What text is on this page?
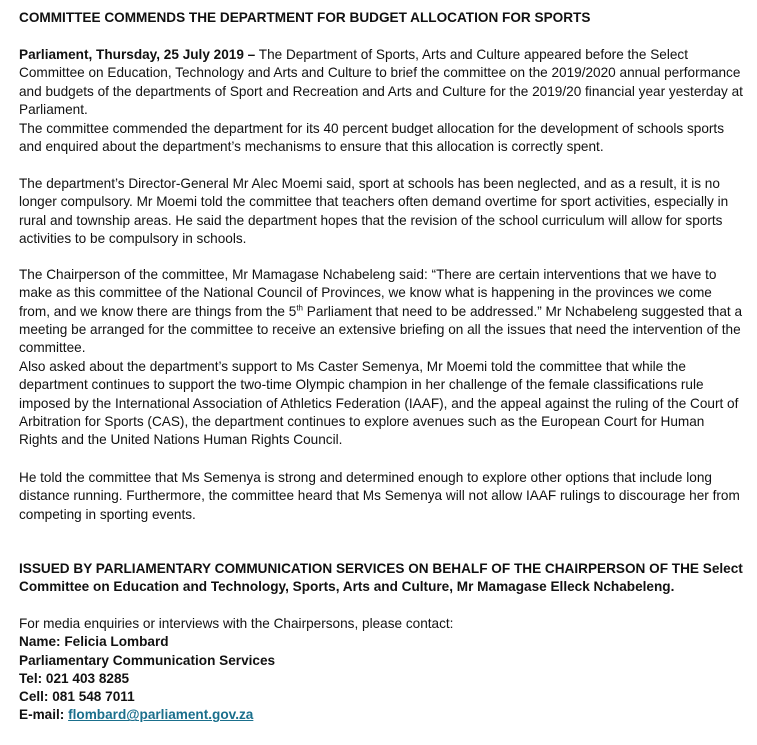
COMMITTEE COMMENDS THE DEPARTMENT FOR BUDGET ALLOCATION FOR SPORTS

Parliament, Thursday, 25 July 2019 – The Department of Sports, Arts and Culture appeared before the Select Committee on Education, Technology and Arts and Culture to brief the committee on the 2019/2020 annual performance and budgets of the departments of Sport and Recreation and Arts and Culture for the 2019/20 financial year yesterday at Parliament.

The committee commended the department for its 40 percent budget allocation for the development of schools sports and enquired about the department’s mechanisms to ensure that this allocation is correctly spent.

The department’s Director-General Mr Alec Moemi said, sport at schools has been neglected, and as a result, it is no longer compulsory. Mr Moemi told the committee that teachers often demand overtime for sport activities, especially in rural and township areas. He said the department hopes that the revision of the school curriculum will allow for sports activities to be compulsory in schools.

The Chairperson of the committee, Mr Mamagase Nchabeleng said: “There are certain interventions that we have to make as this committee of the National Council of Provinces, we know what is happening in the provinces we come from, and we know there are things from the 5th Parliament that need to be addressed.” Mr Nchabeleng suggested that a meeting be arranged for the committee to receive an extensive briefing on all the issues that need the intervention of the committee.

Also asked about the department’s support to Ms Caster Semenya, Mr Moemi told the committee that while the department continues to support the two-time Olympic champion in her challenge of the female classifications rule imposed by the International Association of Athletics Federation (IAAF), and the appeal against the ruling of the Court of Arbitration for Sports (CAS), the department continues to explore avenues such as the European Court for Human Rights and the United Nations Human Rights Council.

He told the committee that Ms Semenya is strong and determined enough to explore other options that include long distance running. Furthermore, the committee heard that Ms Semenya will not allow IAAF rulings to discourage her from competing in sporting events.

ISSUED BY PARLIAMENTARY COMMUNICATION SERVICES ON BEHALF OF THE CHAIRPERSON OF THE Select Committee on Education and Technology, Sports, Arts and Culture, Mr Mamagase Elleck Nchabeleng.

For media enquiries or interviews with the Chairpersons, please contact:
Name: Felicia Lombard
Parliamentary Communication Services
Tel: 021 403 8285
Cell: 081 548 7011
E-mail: flombard@parliament.gov.za
